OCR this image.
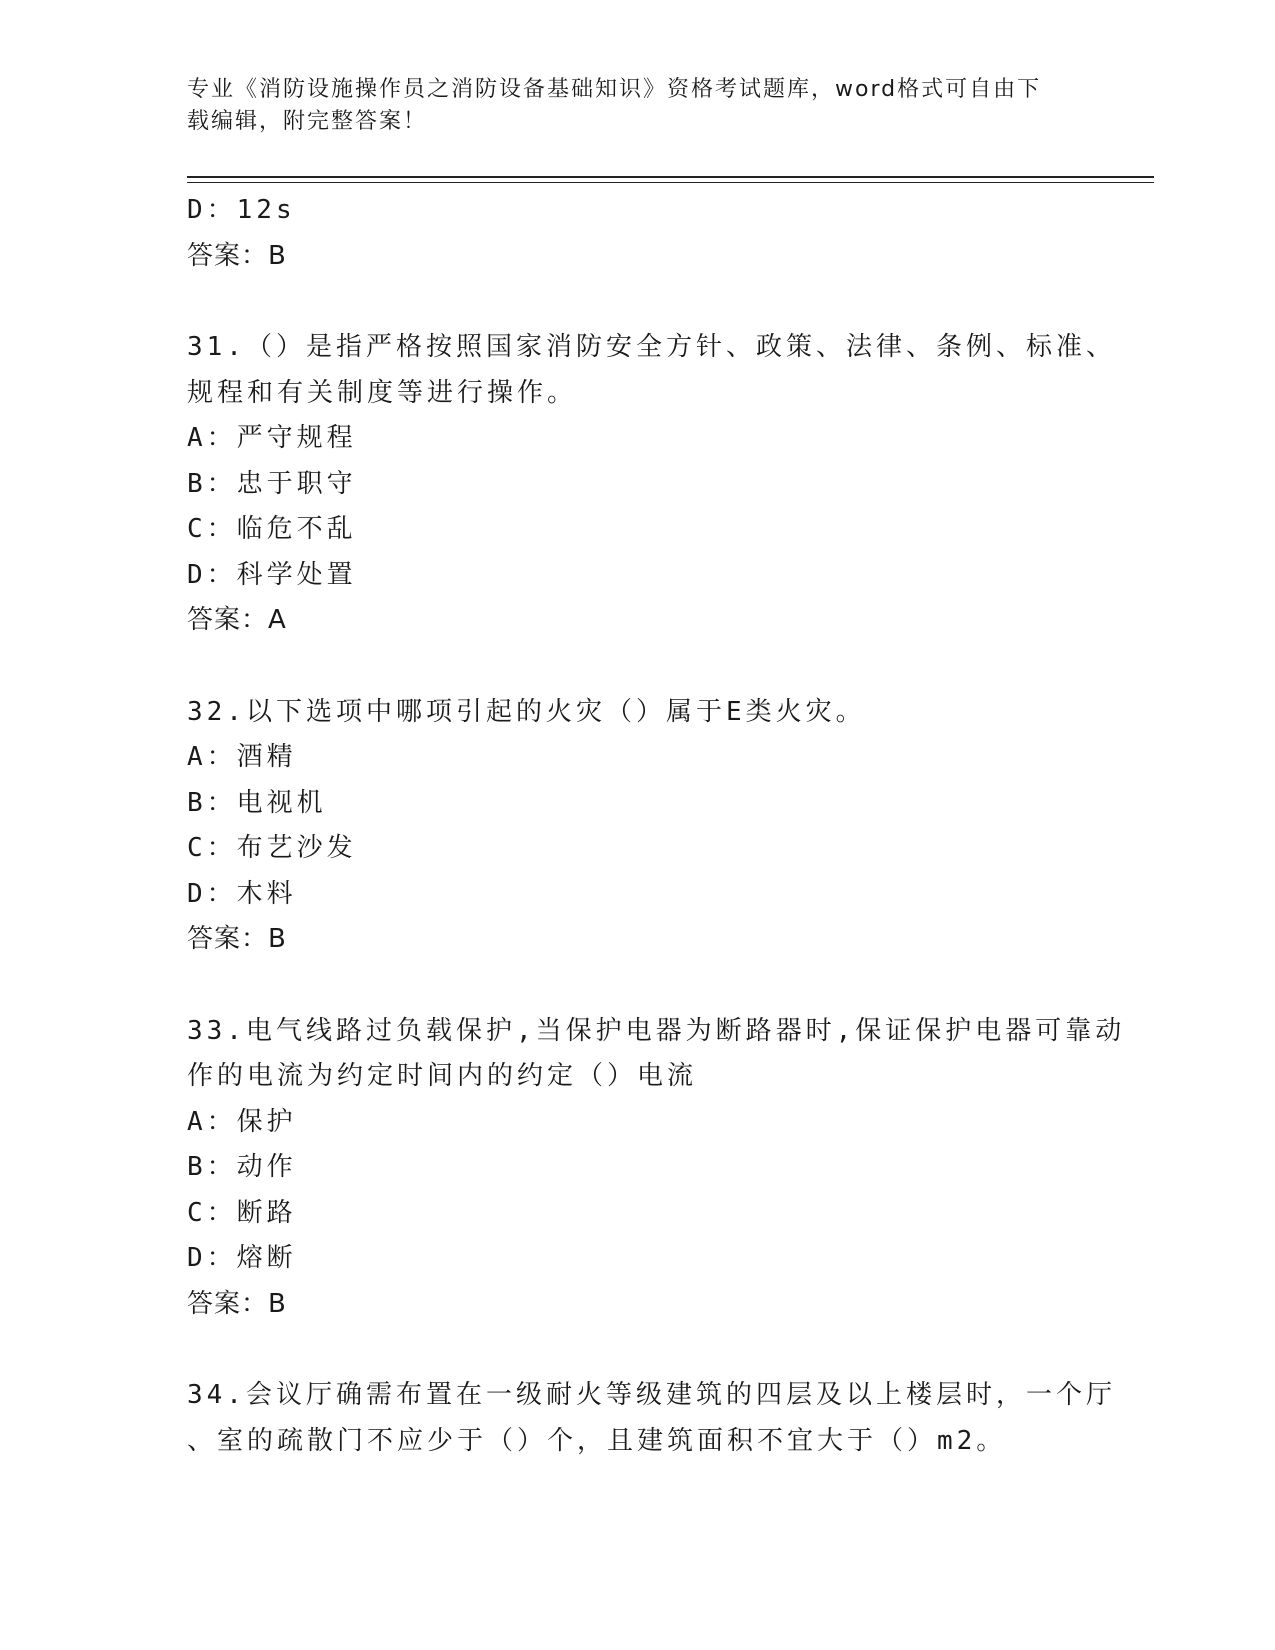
专业《消防设施操作员之消防设备基础知识》资格考试题库，word格式可自由下
载编辑，附完整答案！
D：12s
答案：B
31.（）是指严格按照国家消防安全方针、政策、法律、条例、标准、
规程和有关制度等进行操作。
A：严守规程
B：忠于职守
C：临危不乱
D：科学处置
答案：A
32.以下选项中哪项引起的火灾（）属于E类火灾。
A：酒精
B：电视机
C：布艺沙发
D：木料
答案：B
33.电气线路过负载保护,当保护电器为断路器时,保证保护电器可靠动
作的电流为约定时间内的约定（）电流
A：保护
B：动作
C：断路
D：熔断
答案：B
34.会议厅确需布置在一级耐火等级建筑的四层及以上楼层时，一个厅
、室的疏散门不应少于（）个，且建筑面积不宜大于（）m2。
